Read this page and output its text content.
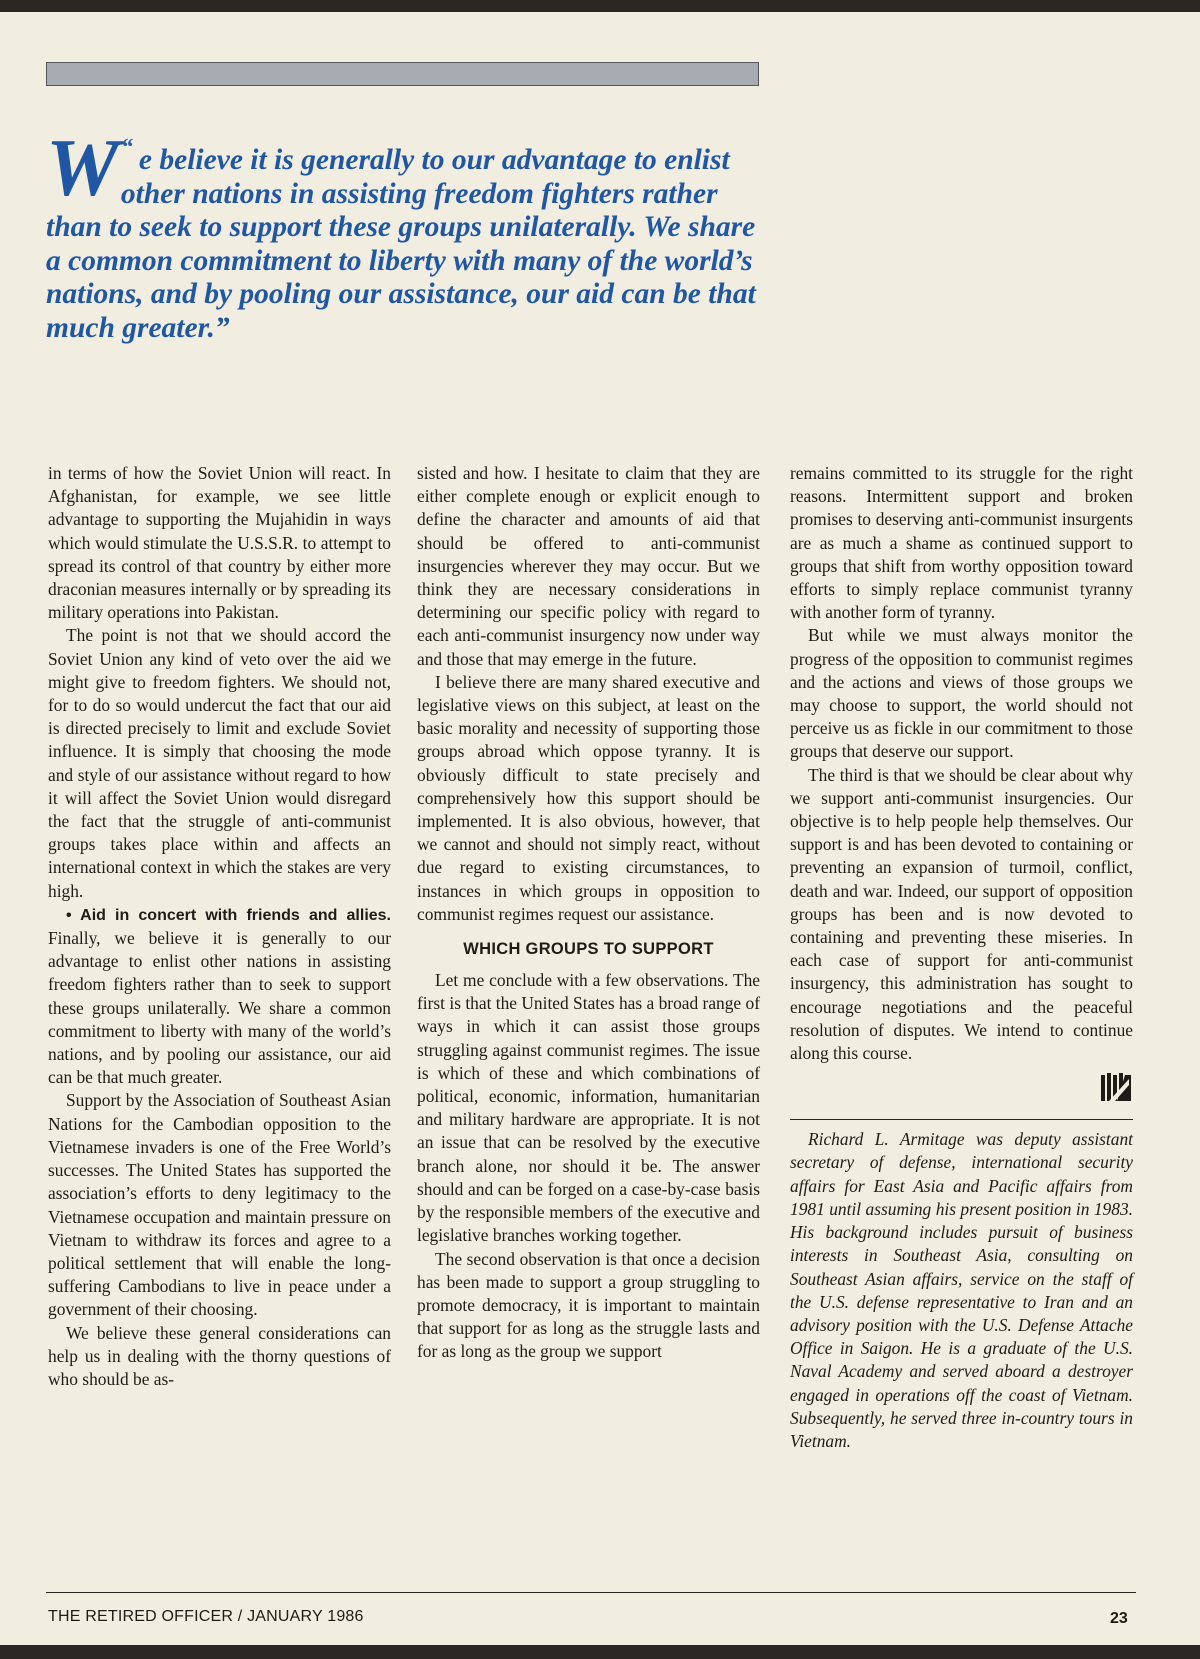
“
W e believe it is generally to our advantage to enlist other nations in assisting freedom fighters rather than to seek to support these groups unilaterally. We share a common commitment to liberty with many of the world’s nations, and by pooling our assistance, our aid can be that much greater.”

in terms of how the Soviet Union will react. In Afghanistan, for example, we see little advantage to supporting the Mujahidin in ways which would stimulate the U.S.S.R. to attempt to spread its control of that country by either more draconian measures internally or by spreading its military operations into Pakistan.

The point is not that we should accord the Soviet Union any kind of veto over the aid we might give to freedom fighters. We should not, for to do so would undercut the fact that our aid is directed precisely to limit and exclude Soviet influence. It is simply that choosing the mode and style of our assistance without regard to how it will affect the Soviet Union would disregard the fact that the struggle of anti-communist groups takes place within and affects an international context in which the stakes are very high.

• Aid in concert with friends and allies. Finally, we believe it is generally to our advantage to enlist other nations in assisting freedom fighters rather than to seek to support these groups unilaterally. We share a common commitment to liberty with many of the world’s nations, and by pooling our assistance, our aid can be that much greater.

Support by the Association of Southeast Asian Nations for the Cambodian opposition to the Vietnamese invaders is one of the Free World’s successes. The United States has supported the association’s efforts to deny legitimacy to the Vietnamese occupation and maintain pressure on Vietnam to withdraw its forces and agree to a political settlement that will enable the long-suffering Cambodians to live in peace under a government of their choosing.

We believe these general considerations can help us in dealing with the thorny questions of who should be as-

sisted and how. I hesitate to claim that they are either complete enough or explicit enough to define the character and amounts of aid that should be offered to anti-communist insurgencies wherever they may occur. But we think they are necessary considerations in determining our specific policy with regard to each anti-communist insurgency now under way and those that may emerge in the future.

I believe there are many shared executive and legislative views on this subject, at least on the basic morality and necessity of supporting those groups abroad which oppose tyranny. It is obviously difficult to state precisely and comprehensively how this support should be implemented. It is also obvious, however, that we cannot and should not simply react, without due regard to existing circumstances, to instances in which groups in opposition to communist regimes request our assistance.

WHICH GROUPS TO SUPPORT

Let me conclude with a few observations. The first is that the United States has a broad range of ways in which it can assist those groups struggling against communist regimes. The issue is which of these and which combinations of political, economic, information, humanitarian and military hardware are appropriate. It is not an issue that can be resolved by the executive branch alone, nor should it be. The answer should and can be forged on a case-by-case basis by the responsible members of the executive and legislative branches working together.

The second observation is that once a decision has been made to support a group struggling to promote democracy, it is important to maintain that support for as long as the struggle lasts and for as long as the group we support

remains committed to its struggle for the right reasons. Intermittent support and broken promises to deserving anti-communist insurgents are as much a shame as continued support to groups that shift from worthy opposition toward efforts to simply replace communist tyranny with another form of tyranny.

But while we must always monitor the progress of the opposition to communist regimes and the actions and views of those groups we may choose to support, the world should not perceive us as fickle in our commitment to those groups that deserve our support.

The third is that we should be clear about why we support anti-communist insurgencies. Our objective is to help people help themselves. Our support is and has been devoted to containing or preventing an expansion of turmoil, conflict, death and war. Indeed, our support of opposition groups has been and is now devoted to containing and preventing these miseries. In each case of support for anti-communist insurgency, this administration has sought to encourage negotiations and the peaceful resolution of disputes. We intend to continue along this course.

Richard L. Armitage was deputy assistant secretary of defense, international security affairs for East Asia and Pacific affairs from 1981 until assuming his present position in 1983. His background includes pursuit of business interests in Southeast Asia, consulting on Southeast Asian affairs, service on the staff of the U.S. defense representative to Iran and an advisory position with the U.S. Defense Attache Office in Saigon. He is a graduate of the U.S. Naval Academy and served aboard a destroyer engaged in operations off the coast of Vietnam. Subsequently, he served three in-country tours in Vietnam.

THE RETIRED OFFICER / JANUARY 1986	23
